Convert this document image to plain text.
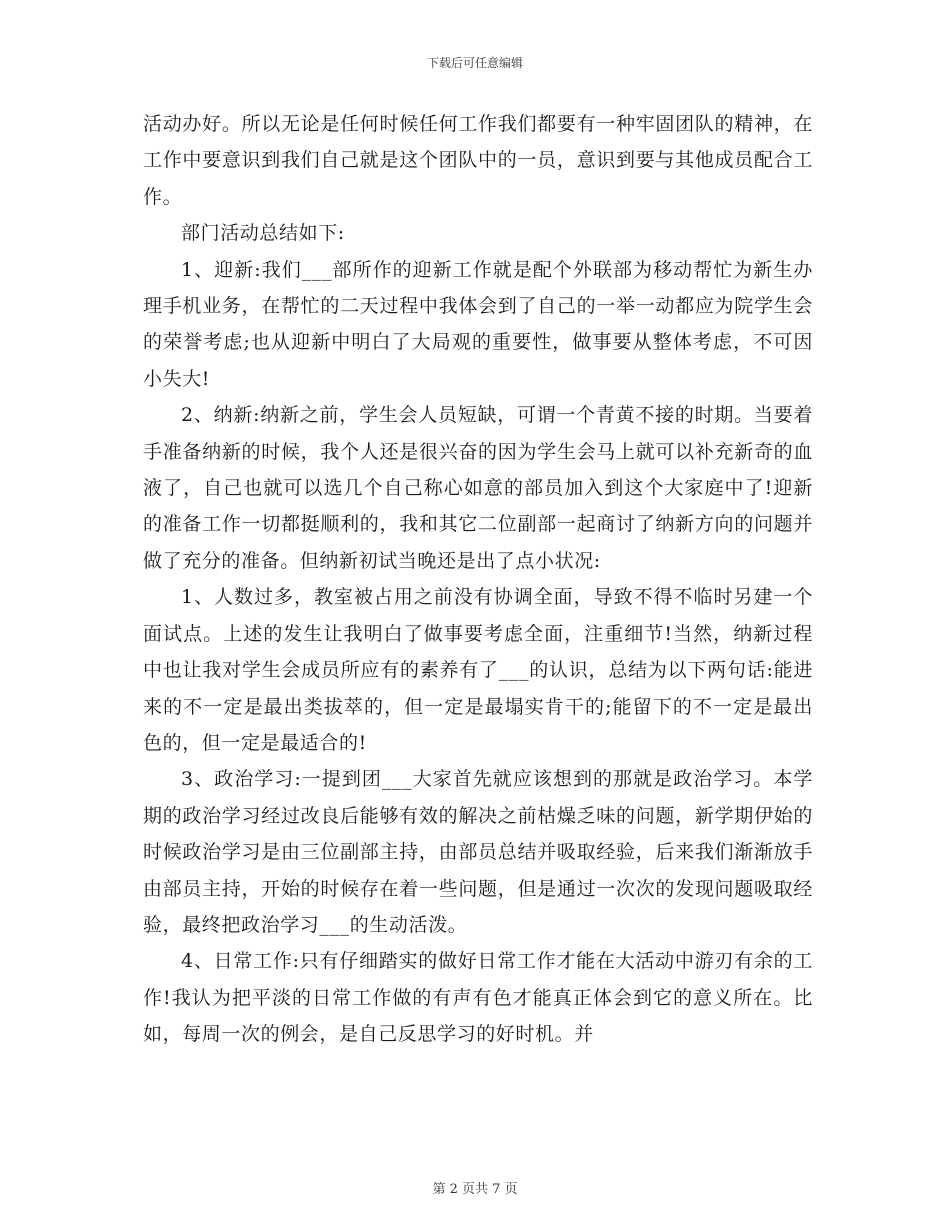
下载后可任意编辑

活动办好。所以无论是任何时候任何工作我们都要有一种牢固团队的精神，在工作中要意识到我们自己就是这个团队中的一员，意识到要与其他成员配合工作。

部门活动总结如下:

1、迎新:我们___部所作的迎新工作就是配个外联部为移动帮忙为新生办理手机业务，在帮忙的二天过程中我体会到了自己的一举一动都应为院学生会的荣誉考虑;也从迎新中明白了大局观的重要性，做事要从整体考虑，不可因小失大!

2、纳新:纳新之前，学生会人员短缺，可谓一个青黄不接的时期。当要着手准备纳新的时候，我个人还是很兴奋的因为学生会马上就可以补充新奇的血液了，自己也就可以选几个自己称心如意的部员加入到这个大家庭中了!迎新的准备工作一切都挺顺利的，我和其它二位副部一起商讨了纳新方向的问题并做了充分的准备。但纳新初试当晚还是出了点小状况:

1、人数过多，教室被占用之前没有协调全面，导致不得不临时另建一个面试点。上述的发生让我明白了做事要考虑全面，注重细节!当然，纳新过程中也让我对学生会成员所应有的素养有了___的认识，总结为以下两句话:能进来的不一定是最出类拔萃的，但一定是最塌实肯干的;能留下的不一定是最出色的，但一定是最适合的!

3、政治学习:一提到团___大家首先就应该想到的那就是政治学习。本学期的政治学习经过改良后能够有效的解决之前枯燥乏味的问题，新学期伊始的时候政治学习是由三位副部主持，由部员总结并吸取经验，后来我们渐渐放手由部员主持，开始的时候存在着一些问题，但是通过一次次的发现问题吸取经验，最终把政治学习___的生动活泼。

4、日常工作:只有仔细踏实的做好日常工作才能在大活动中游刃有余的工作!我认为把平淡的日常工作做的有声有色才能真正体会到它的意义所在。比如，每周一次的例会，是自己反思学习的好时机。并

第 2 页共 7 页
